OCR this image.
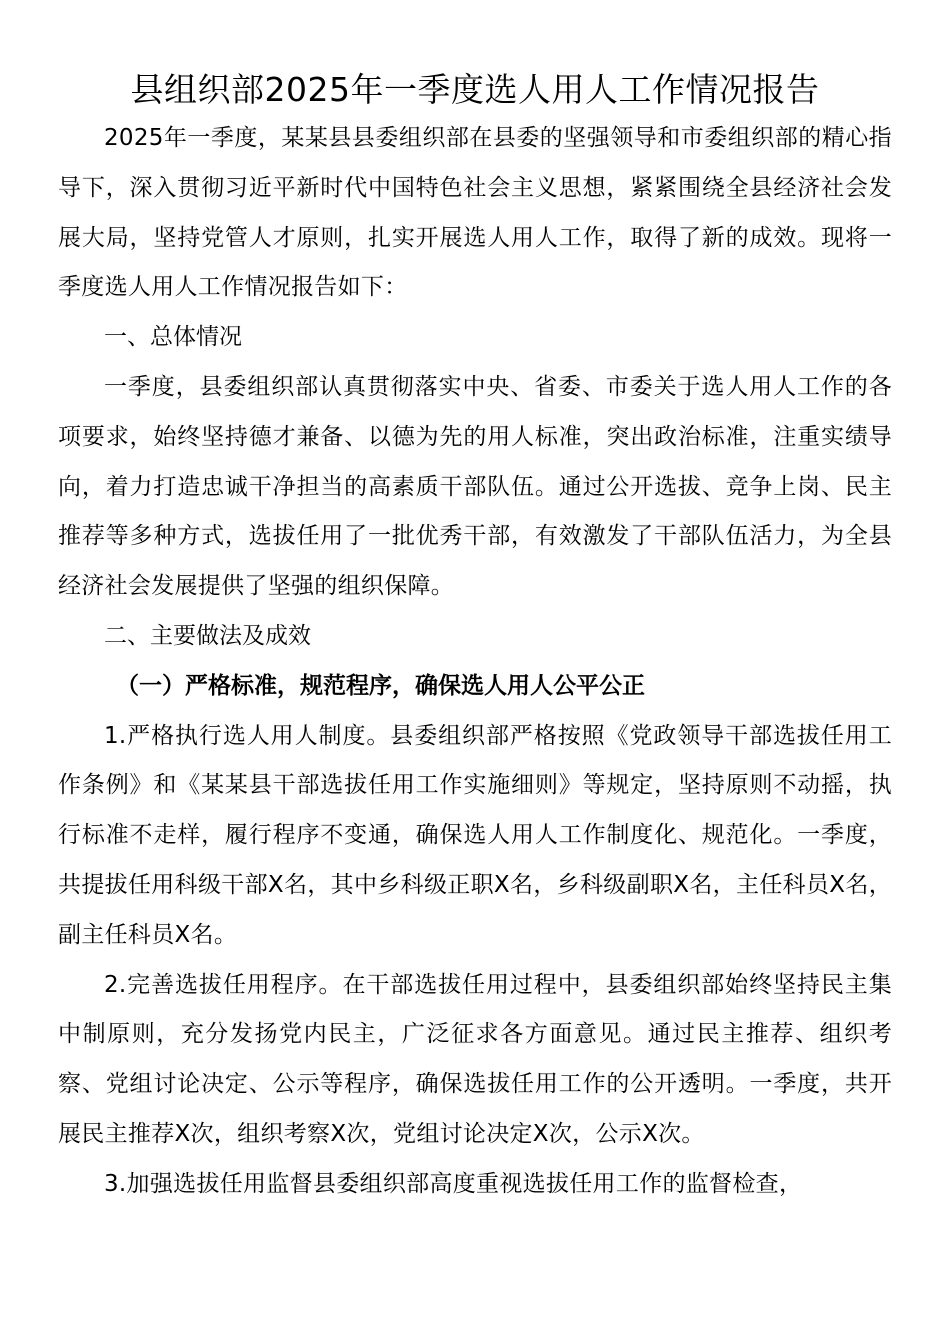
县组织部2025年一季度选人用人工作情况报告

2025年一季度，某某县县委组织部在县委的坚强领导和市委组织部的精心指导下，深入贯彻习近平新时代中国特色社会主义思想，紧紧围绕全县经济社会发展大局，坚持党管人才原则，扎实开展选人用人工作，取得了新的成效。现将一季度选人用人工作情况报告如下：

一、总体情况

一季度，县委组织部认真贯彻落实中央、省委、市委关于选人用人工作的各项要求，始终坚持德才兼备、以德为先的用人标准，突出政治标准，注重实绩导向，着力打造忠诚干净担当的高素质干部队伍。通过公开选拔、竞争上岗、民主推荐等多种方式，选拔任用了一批优秀干部，有效激发了干部队伍活力，为全县经济社会发展提供了坚强的组织保障。

二、主要做法及成效

（一）严格标准，规范程序，确保选人用人公平公正

1.严格执行选人用人制度。县委组织部严格按照《党政领导干部选拔任用工作条例》和《某某县干部选拔任用工作实施细则》等规定，坚持原则不动摇，执行标准不走样，履行程序不变通，确保选人用人工作制度化、规范化。一季度，共提拔任用科级干部X名，其中乡科级正职X名，乡科级副职X名，主任科员X名，副主任科员X名。

2.完善选拔任用程序。在干部选拔任用过程中，县委组织部始终坚持民主集中制原则，充分发扬党内民主，广泛征求各方面意见。通过民主推荐、组织考察、党组讨论决定、公示等程序，确保选拔任用工作的公开透明。一季度，共开展民主推荐X次，组织考察X次，党组讨论决定X次，公示X次。

3.加强选拔任用监督县委组织部高度重视选拔任用工作的监督检查，
